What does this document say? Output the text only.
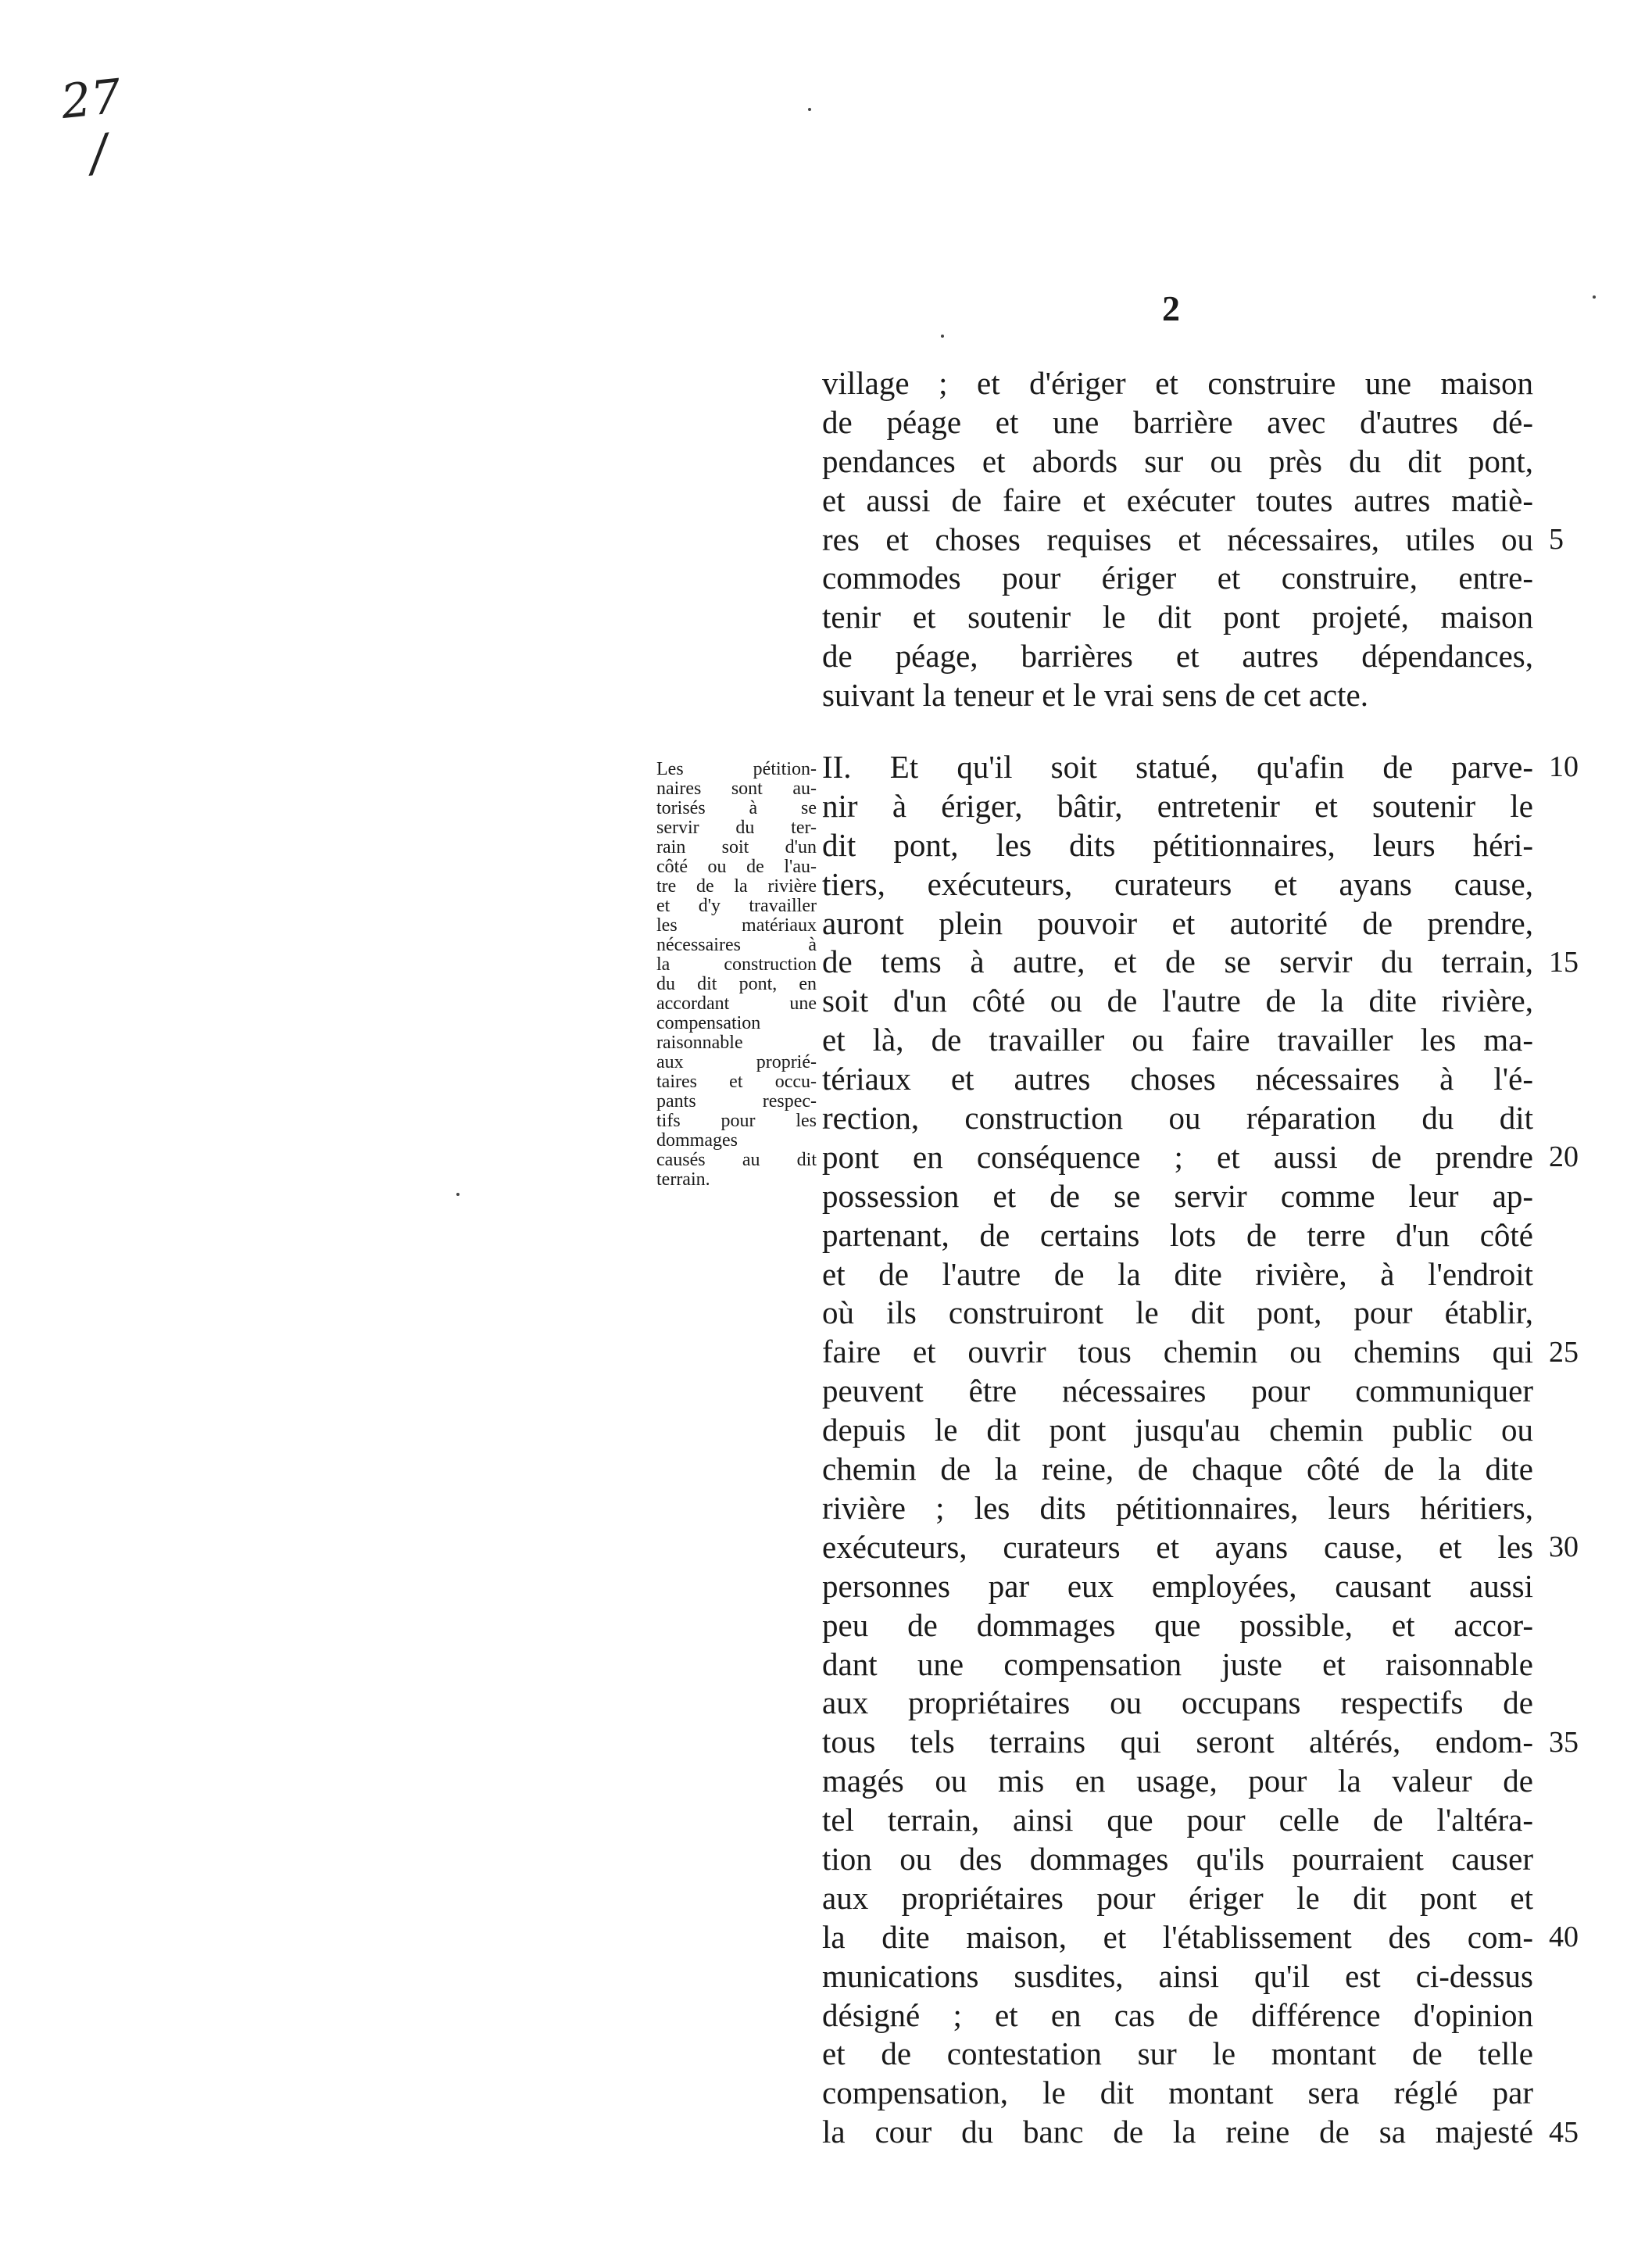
27
/
2
village ; et d'ériger et construire une maison
de péage et une barrière avec d'autres dé-
pendances et abords sur ou près du dit pont,
et aussi de faire et exécuter toutes autres matiè-
res et choses requises et nécessaires, utiles ou
commodes pour ériger et construire, entre-
tenir et soutenir le dit pont projeté, maison
de péage, barrières et autres dépendances,
suivant la teneur et le vrai sens de cet acte.
II. Et qu'il soit statué, qu'afin de parve-
nir à ériger, bâtir, entretenir et soutenir le
dit pont, les dits pétitionnaires, leurs héri-
tiers, exécuteurs, curateurs et ayans cause,
auront plein pouvoir et autorité de prendre,
de tems à autre, et de se servir du terrain,
soit d'un côté ou de l'autre de la dite rivière,
et là, de travailler ou faire travailler les ma-
tériaux et autres choses nécessaires à l'é-
rection, construction ou réparation du dit
pont en conséquence ; et aussi de prendre
possession et de se servir comme leur ap-
partenant, de certains lots de terre d'un côté
et de l'autre de la dite rivière, à l'endroit
où ils construiront le dit pont, pour établir,
faire et ouvrir tous chemin ou chemins qui
peuvent être nécessaires pour communiquer
depuis le dit pont jusqu'au chemin public ou
chemin de la reine, de chaque côté de la dite
rivière ; les dits pétitionnaires, leurs héritiers,
exécuteurs, curateurs et ayans cause, et les
personnes par eux employées, causant aussi
peu de dommages que possible, et accor-
dant une compensation juste et raisonnable
aux propriétaires ou occupans respectifs de
tous tels terrains qui seront altérés, endom-
magés ou mis en usage, pour la valeur de
tel terrain, ainsi que pour celle de l'altéra-
tion ou des dommages qu'ils pourraient causer
aux propriétaires pour ériger le dit pont et
la dite maison, et l'établissement des com-
munications susdites, ainsi qu'il est ci-dessus
désigné ; et en cas de différence d'opinion
et de contestation sur le montant de telle
compensation, le dit montant sera réglé par
la cour du banc de la reine de sa majesté
5
10
15
20
25
30
35
40
45
Les pétition-
naires sont au-
torisés à se
servir du ter-
rain soit d'un
côté ou de l'au-
tre de la rivière
et d'y travailler
les matériaux
nécessaires à
la construction
du dit pont, en
accordant une
compensation
raisonnable
aux proprié-
taires et occu-
pants respec-
tifs pour les
dommages
causés au dit
terrain.
